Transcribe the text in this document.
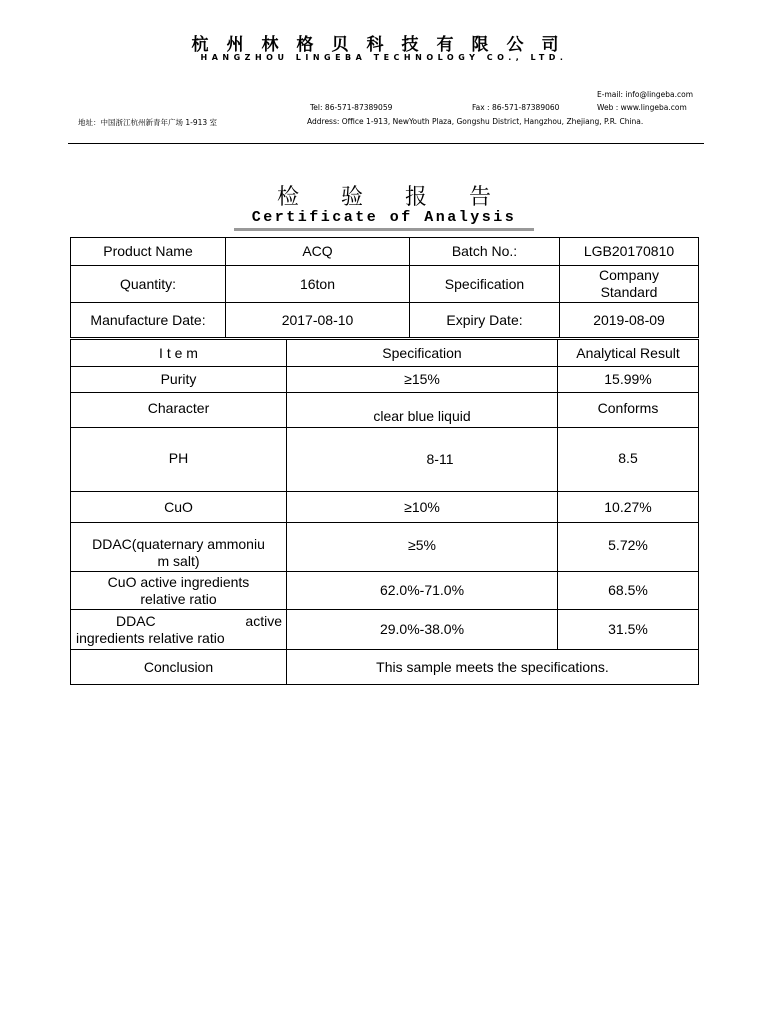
杭州林格贝科技有限公司
HANGZHOU LINGEBA TECHNOLOGY CO., LTD.
E-mail: info@lingeba.com
Tel: 86-571-87389059	Fax : 86-571-87389060	Web : www.lingeba.com
地址：中国浙江杭州新青年广场 1-913 室	Address: Office 1-913, NewYouth Plaza, Gongshu District, Hangzhou, Zhejiang, P.R. China.
检验报告
Certificate of Analysis
Product Name	ACQ	Batch No.:	LGB20170810
Quantity:	16ton	Specification	Company
Standard

Manufacture Date:	2017-08-10	Expiry Date:	2019-08-09
I t e m	Specification	Analytical Result
Purity	≥15%	15.99%
Character	clear blue liquid	Conforms
PH	8-11	8.5
CuO	≥10%	10.27%

DDAC(quaternary ammoniu
m salt)	≥5%	5.72%

CuO active ingredients
relative ratio	62.0%-71.0%	68.5%

DDAC active
ingredients relative ratio	29.0%-38.0%	31.5%
Conclusion	This sample meets the specifications.	
